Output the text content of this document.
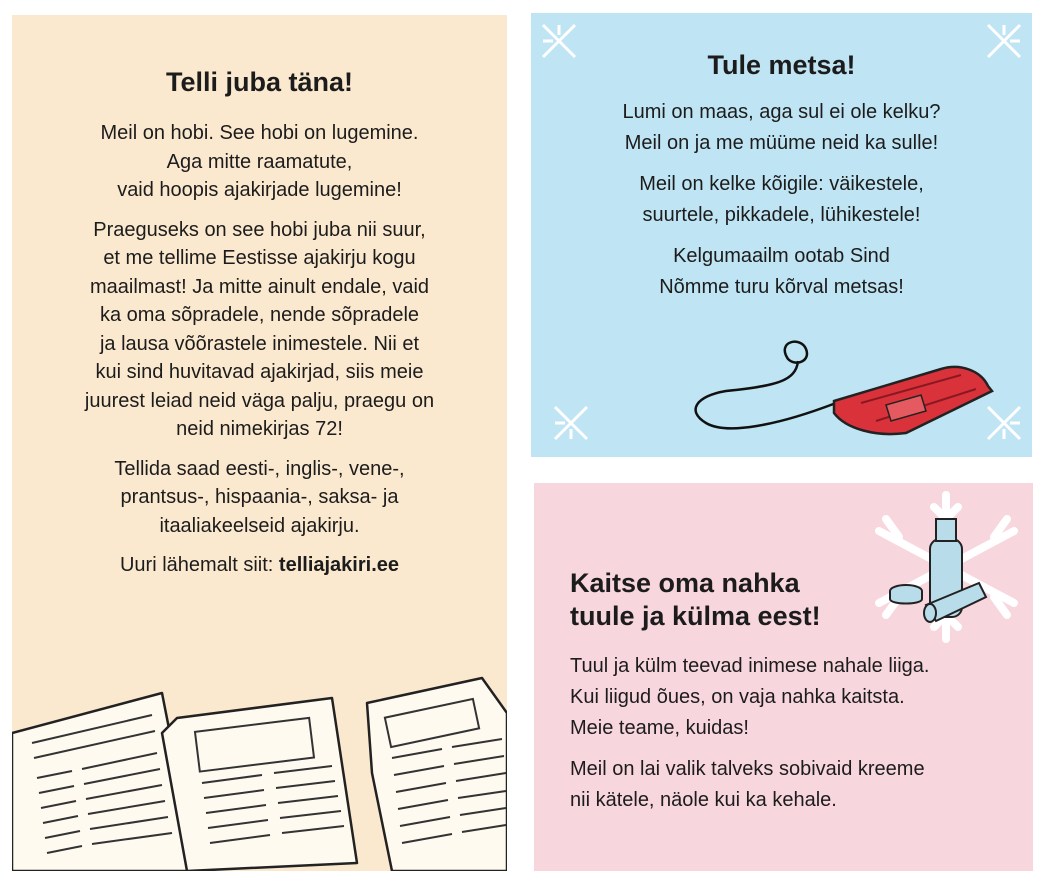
Telli juba täna!

Meil on hobi. See hobi on lugemine.
Aga mitte raamatute,
vaid hoopis ajakirjade lugemine!

Praeguseks on see hobi juba nii suur,
et me tellime Eestisse ajakirju kogu
maailmast! Ja mitte ainult endale, vaid
ka oma sõpradele, nende sõpradele
ja lausa võõrastele inimestele. Nii et
kui sind huvitavad ajakirjad, siis meie
juurest leiad neid väga palju, praegu on
neid nimekirjas 72!

Tellida saad eesti-, inglis-, vene-,
prantsus-, hispaania-, saksa- ja
itaaliakeelseid ajakirju.

Uuri lähemalt siit: telliajakiri.ee

Tule metsa!

Lumi on maas, aga sul ei ole kelku?
Meil on ja me müüme neid ka sulle!

Meil on kelke kõigile: väikestele,
suurtele, pikkadele, lühikestele!

Kelgumaailm ootab Sind
Nõmme turu kõrval metsas!

Kaitse oma nahka
tuule ja külma eest!

Tuul ja külm teevad inimese nahale liiga.
Kui liigud õues, on vaja nahka kaitsta.
Meie teame, kuidas!

Meil on lai valik talveks sobivaid kreeme
nii kätele, näole kui ka kehale.
